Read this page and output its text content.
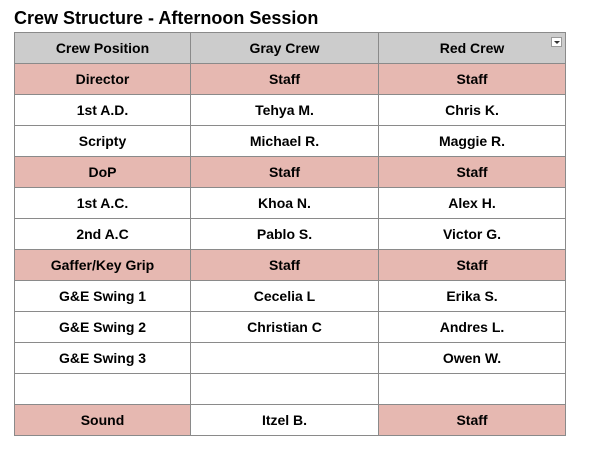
Crew Structure - Afternoon Session
Crew Position	Gray Crew	Red Crew

Director	Staff	Staff
1st A.D.	Tehya M.	Chris K.
Scripty	Michael R.	Maggie R.
DoP	Staff	Staff
1st A.C.	Khoa N.	Alex H.
2nd A.C	Pablo S.	Victor G.
Gaffer/Key Grip	Staff	Staff
G&E Swing 1	Cecelia L	Erika S.
G&E Swing 2	Christian C	Andres L.
G&E Swing 3		Owen W.

Sound	Itzel B.	Staff
